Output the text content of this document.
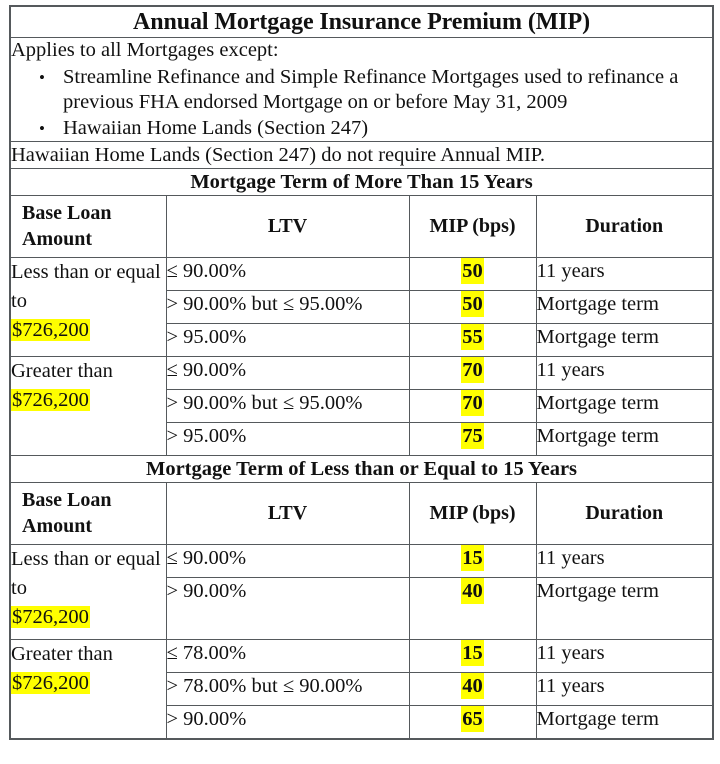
Annual Mortgage Insurance Premium (MIP)			

Applies to all Mortgages except:

• Streamline Refinance and Simple Refinance Mortgages used to refinance a previous FHA endorsed Mortgage on or before May 31, 2009
• Hawaiian Home Lands (Section 247)

Hawaiian Home Lands (Section 247) do not require Annual MIP.			
Mortgage Term of More Than 15 Years			
Base Loan Amount	LTV	MIP (bps)	Duration
Less than or equal to
$726,200	≤ 90.00%	50	11 years
	> 90.00% but ≤ 95.00%	50	Mortgage term
	> 95.00%	55	Mortgage term
Greater than
$726,200	≤ 90.00%	70	11 years
	> 90.00% but ≤ 95.00%	70	Mortgage term
	> 95.00%	75	Mortgage term
Mortgage Term of Less than or Equal to 15 Years			
Base Loan Amount	LTV	MIP (bps)	Duration
Less than or equal to
$726,200	≤ 90.00%	15	11 years
	> 90.00%	40	Mortgage term
Greater than
$726,200	≤ 78.00%	15	11 years
	> 78.00% but ≤ 90.00%	40	11 years
	> 90.00%	65	Mortgage term
